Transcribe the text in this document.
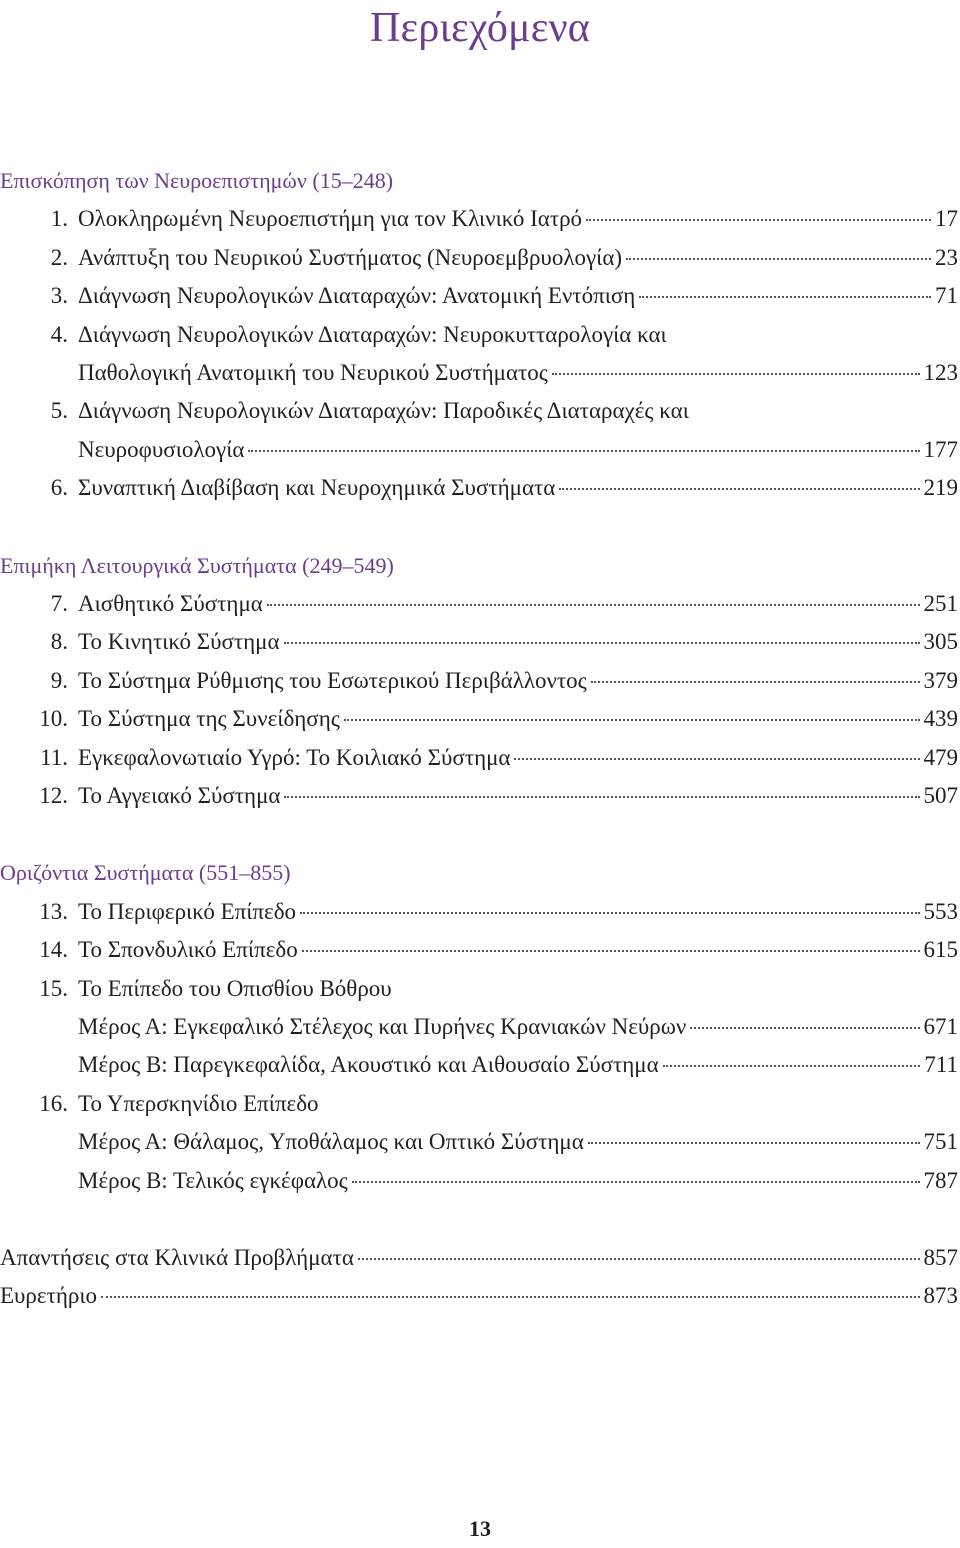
Περιεχόμενα
Επισκόπηση των Νευροεπιστημών (15–248)
1. Ολοκληρωμένη Νευροεπιστήμη για τον Κλινικό Ιατρό	17
2. Ανάπτυξη του Νευρικού Συστήματος (Νευροεμβρυολογία)	23
3. Διάγνωση Νευρολογικών Διαταραχών: Ανατομική Εντόπιση	71
4. Διάγνωση Νευρολογικών Διαταραχών: Νευροκυτταρολογία και
Παθολογική Ανατομική του Νευρικού Συστήματος	123
5. Διάγνωση Νευρολογικών Διαταραχών: Παροδικές Διαταραχές και
Νευροφυσιολογία	177
6. Συναπτική Διαβίβαση και Νευροχημικά Συστήματα	219
Επιμήκη Λειτουργικά Συστήματα (249–549)
7. Αισθητικό Σύστημα	251
8. Το Κινητικό Σύστημα	305
9. Το Σύστημα Ρύθμισης του Εσωτερικού Περιβάλλοντος	379
10. Το Σύστημα της Συνείδησης	439
11. Εγκεφαλονωτιαίο Υγρό: Το Κοιλιακό Σύστημα	479
12. Το Αγγειακό Σύστημα	507
Οριζόντια Συστήματα (551–855)
13. Το Περιφερικό Επίπεδο	553
14. Το Σπονδυλικό Επίπεδο	615
15. Το Επίπεδο του Οπισθίου Βόθρου
Μέρος Α: Εγκεφαλικό Στέλεχος και Πυρήνες Κρανιακών Νεύρων	671
Μέρος Β: Παρεγκεφαλίδα, Ακουστικό και Αιθουσαίο Σύστημα	711
16. Το Υπερσκηνίδιο Επίπεδο
Μέρος Α: Θάλαμος, Υποθάλαμος και Οπτικό Σύστημα	751
Μέρος Β: Τελικός εγκέφαλος	787
Απαντήσεις στα Κλινικά Προβλήματα	857
Ευρετήριο	873
13
